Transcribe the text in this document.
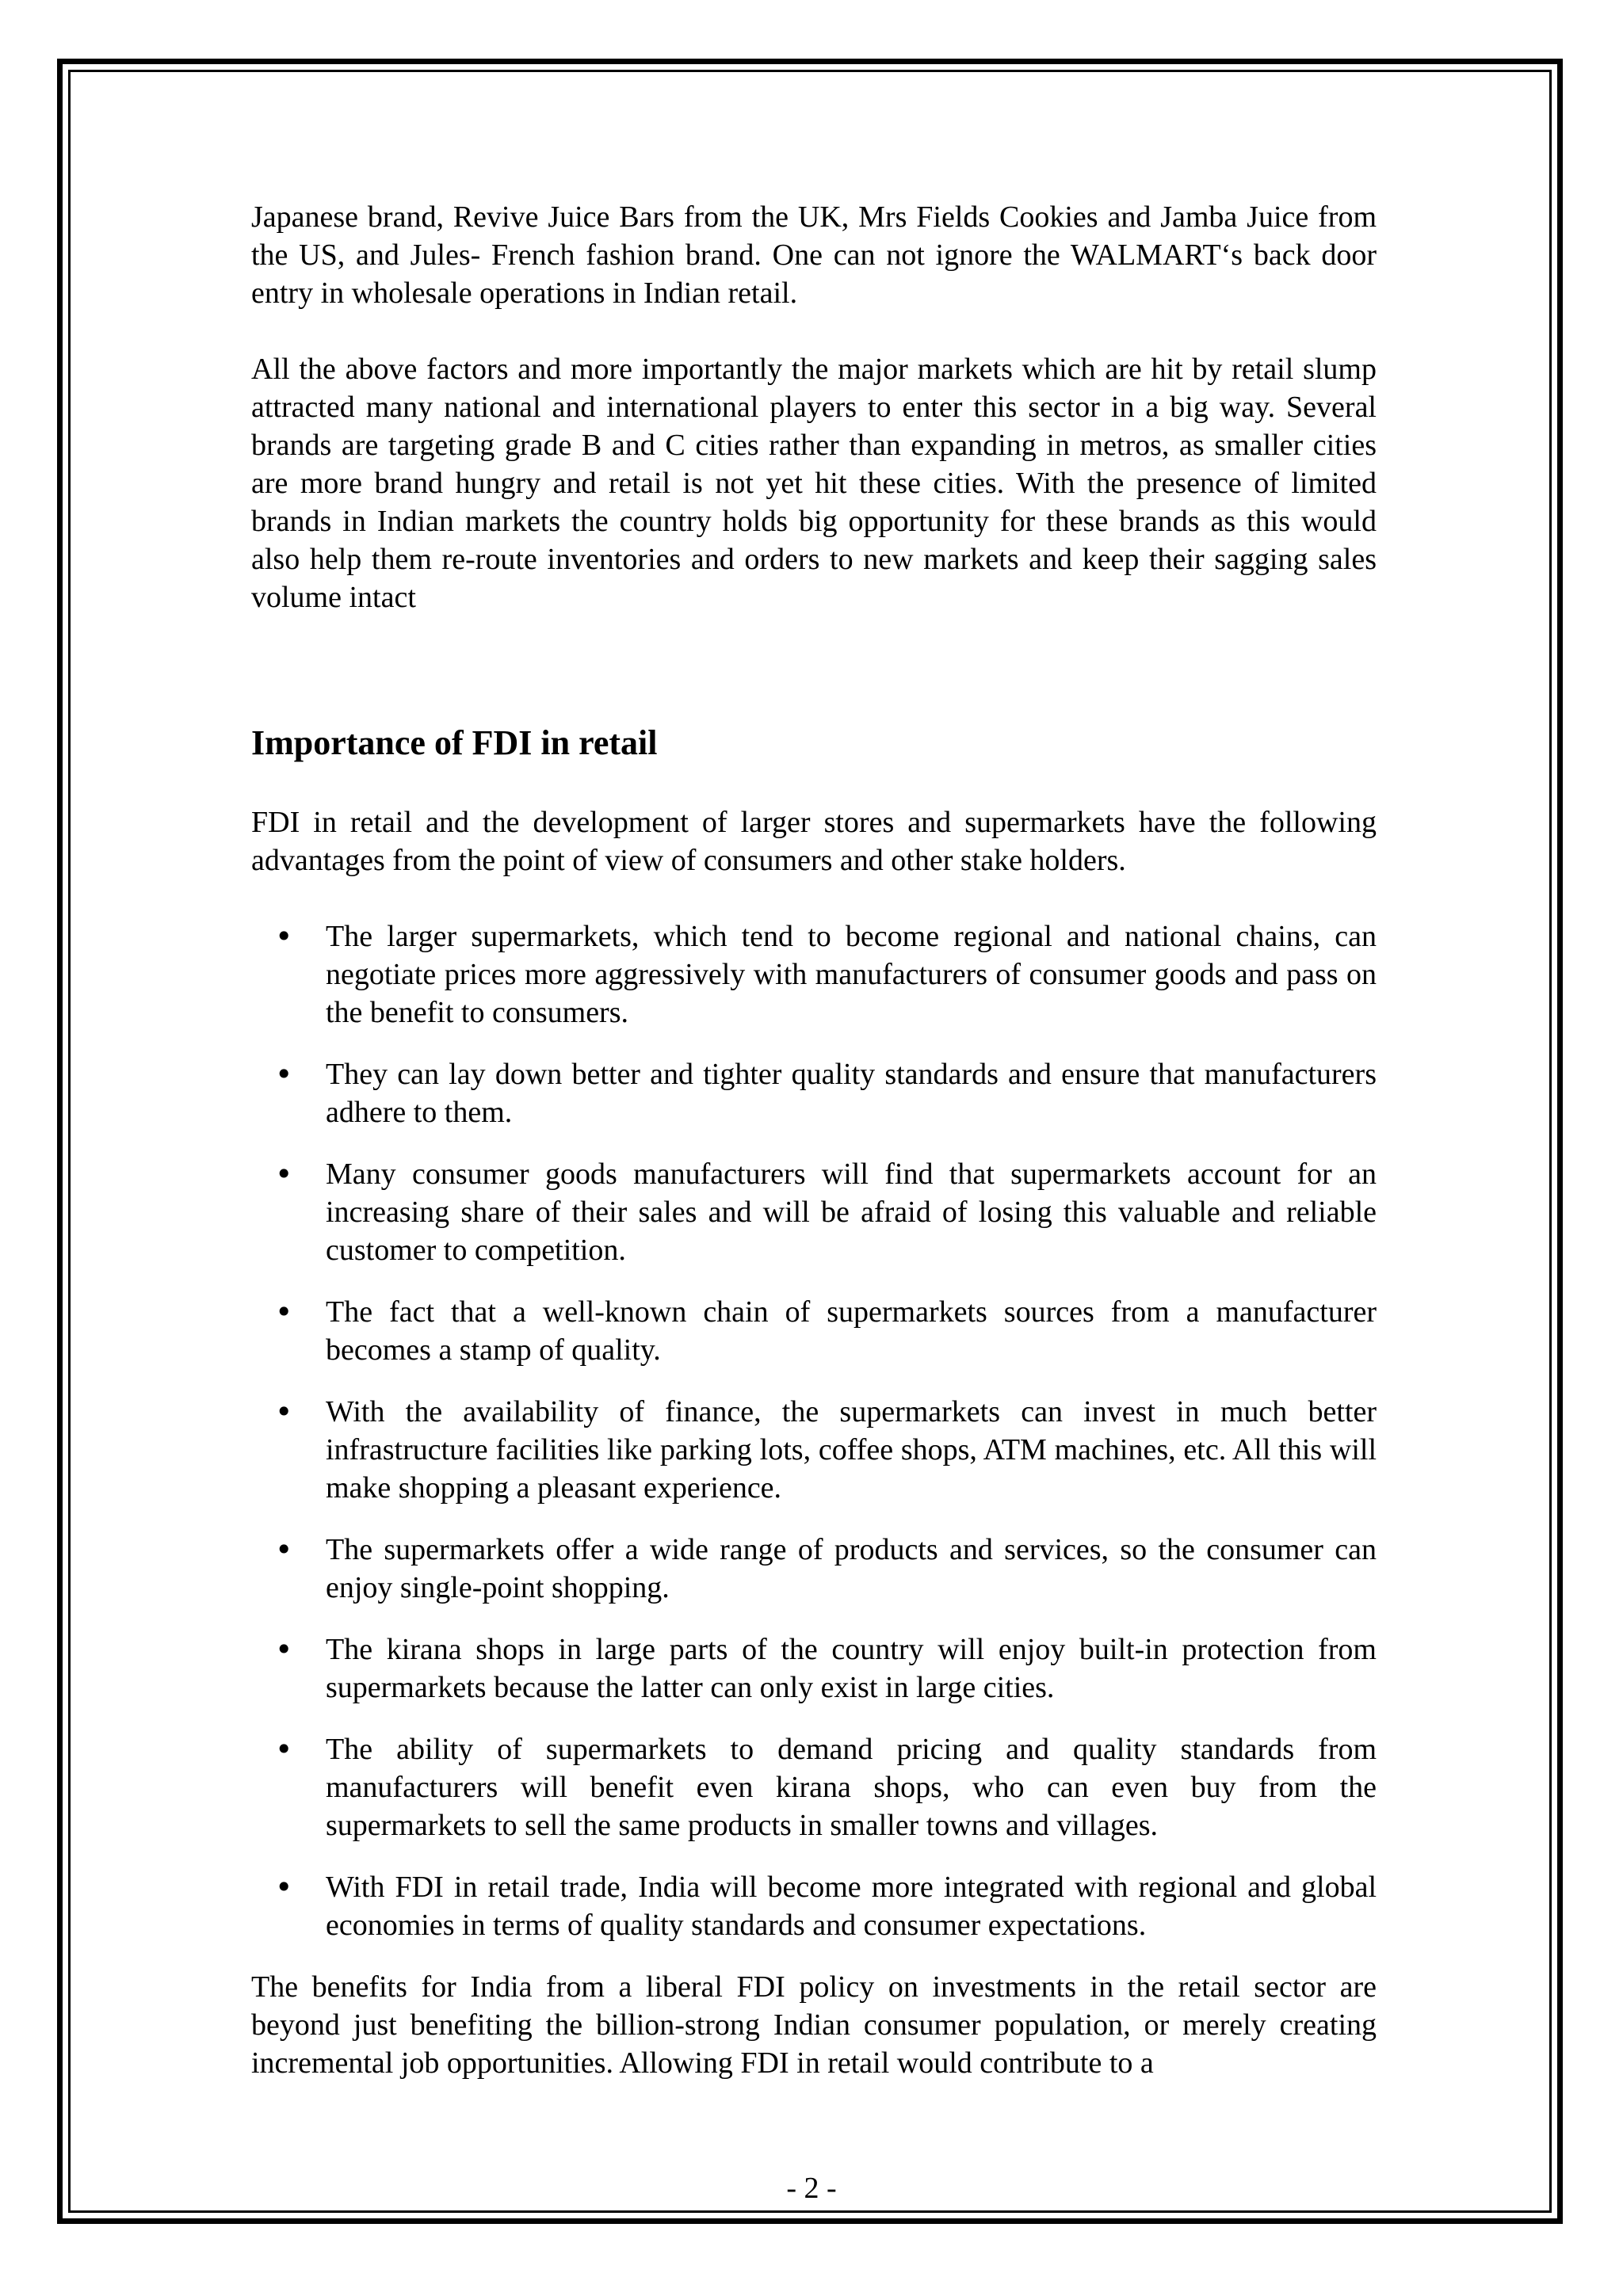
Japanese brand, Revive Juice Bars from the UK, Mrs Fields Cookies and Jamba Juice from the US, and Jules- French fashion brand. One can not ignore the WALMART‘s back door entry in wholesale operations in Indian retail.

All the above factors and more importantly the major markets which are hit by retail slump attracted many national and international players to enter this sector in a big way. Several brands are targeting grade B and C cities rather than expanding in metros, as smaller cities are more brand hungry and retail is not yet hit these cities. With the presence of limited brands in Indian markets the country holds big opportunity for these brands as this would also help them re-route inventories and orders to new markets and keep their sagging sales volume intact

Importance of FDI in retail

FDI in retail and the development of larger stores and supermarkets have the following advantages from the point of view of consumers and other stake holders.

• The larger supermarkets, which tend to become regional and national chains, can negotiate prices more aggressively with manufacturers of consumer goods and pass on the benefit to consumers.

• They can lay down better and tighter quality standards and ensure that manufacturers adhere to them.

• Many consumer goods manufacturers will find that supermarkets account for an increasing share of their sales and will be afraid of losing this valuable and reliable customer to competition.

• The fact that a well-known chain of supermarkets sources from a manufacturer becomes a stamp of quality.

• With the availability of finance, the supermarkets can invest in much better infrastructure facilities like parking lots, coffee shops, ATM machines, etc. All this will make shopping a pleasant experience.

• The supermarkets offer a wide range of products and services, so the consumer can enjoy single-point shopping.

• The kirana shops in large parts of the country will enjoy built-in protection from supermarkets because the latter can only exist in large cities.

• The ability of supermarkets to demand pricing and quality standards from manufacturers will benefit even kirana shops, who can even buy from the supermarkets to sell the same products in smaller towns and villages.

• With FDI in retail trade, India will become more integrated with regional and global economies in terms of quality standards and consumer expectations.

The benefits for India from a liberal FDI policy on investments in the retail sector are beyond just benefiting the billion-strong Indian consumer population, or merely creating incremental job opportunities. Allowing FDI in retail would contribute to a

- 2 -
